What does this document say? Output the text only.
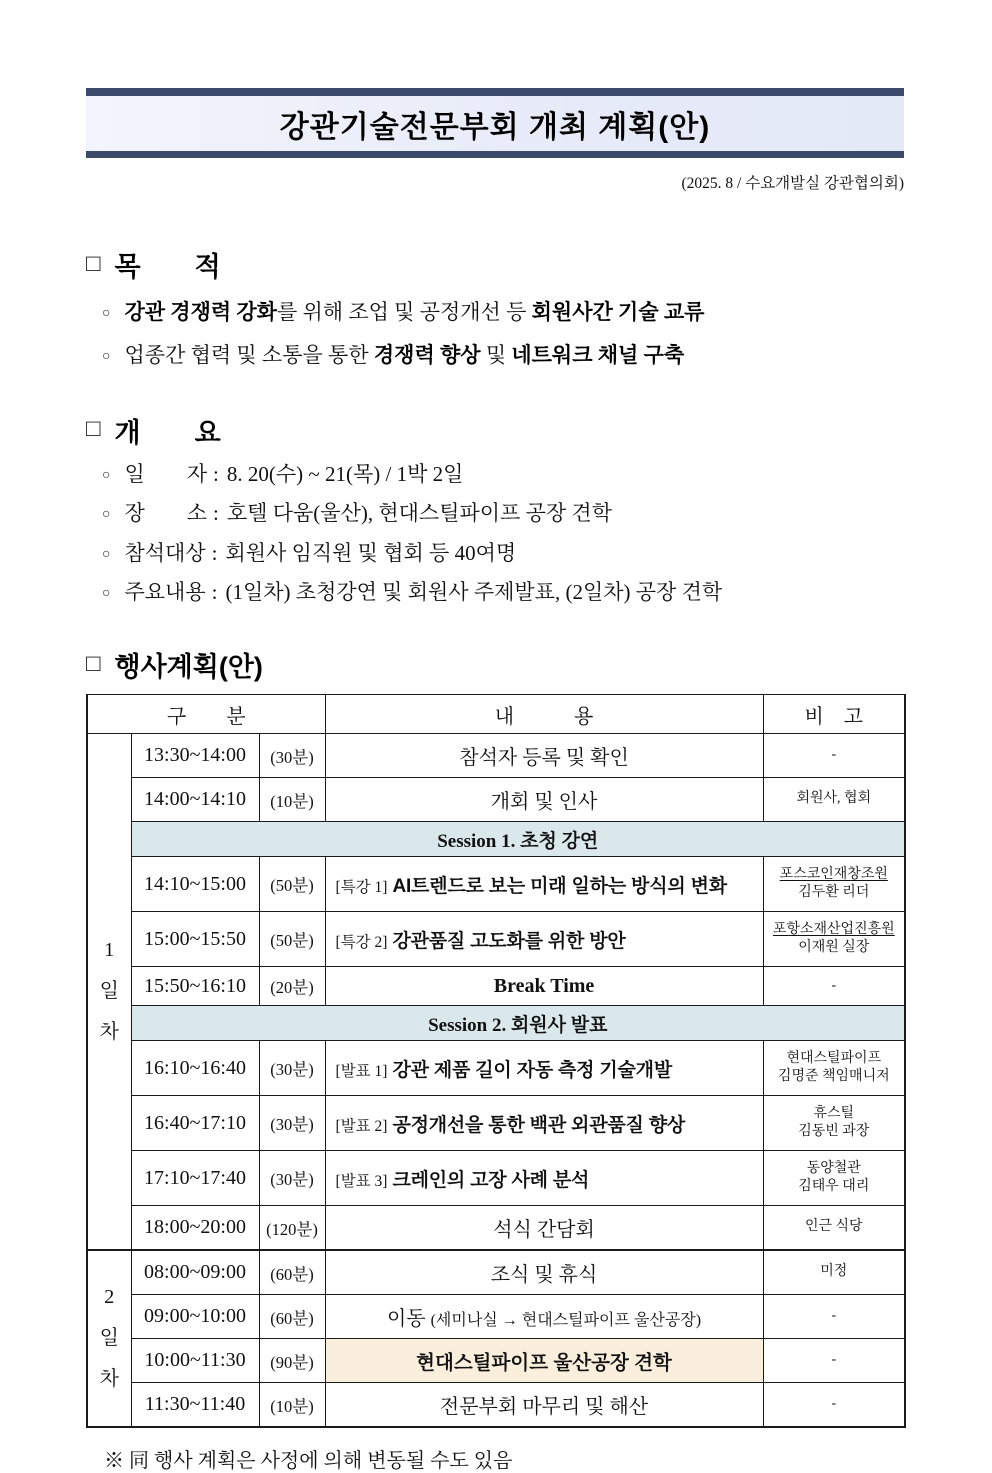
강관기술전문부회 개최 계획(안)
(2025. 8 / 수요개발실 강관협의회)
□ 목　　적
○ 강관 경쟁력 강화를 위해 조업 및 공정개선 등 회원사간 기술 교류
○ 업종간 협력 및 소통을 통한 경쟁력 향상 및 네트워크 채널 구축
□ 개　　요
○ 일　　자 : 8. 20(수) ~ 21(목) / 1박 2일
○ 장　　소 : 호텔 다움(울산), 현대스틸파이프 공장 견학
○ 참석대상 : 회원사 임직원 및 협회 등 40여명
○ 주요내용 : (1일차) 초청강연 및 회원사 주제발표, (2일차) 공장 견학
□ 행사계획(안)
구　　분			내　　　용	비　고
1일차	13:30~14:00	(30분)	참석자 등록 및 확인	-
	14:00~14:10	(10분)	개회 및 인사	회원사, 협회
	Session 1. 초청 강연			
	14:10~15:00	(50분)	[특강 1] AI트렌드로 보는 미래 일하는 방식의 변화	포스코인재창조원
김두환 리더

	15:00~15:50	(50분)	[특강 2] 강관품질 고도화를 위한 방안	포항소재산업진흥원
이재원 실장

	15:50~16:10	(20분)	Break Time	-
	Session 2. 회원사 발표			
	16:10~16:40	(30분)	[발표 1] 강관 제품 길이 자동 측정 기술개발	현대스틸파이프
김명준 책임매니저

	16:40~17:10	(30분)	[발표 2] 공정개선을 통한 백관 외관품질 향상	휴스틸
김동빈 과장

	17:10~17:40	(30분)	[발표 3] 크레인의 고장 사례 분석	동양철관
김태우 대리

	18:00~20:00	(120분)	석식 간담회	인근 식당
2일차	08:00~09:00	(60분)	조식 및 휴식	미정
	09:00~10:00	(60분)	이동 (세미나실 → 현대스틸파이프 울산공장)	-
	10:00~11:30	(90분)	현대스틸파이프 울산공장 견학	-
	11:30~11:40	(10분)	전문부회 마무리 및 해산	-
※ 同 행사 계획은 사정에 의해 변동될 수도 있음
